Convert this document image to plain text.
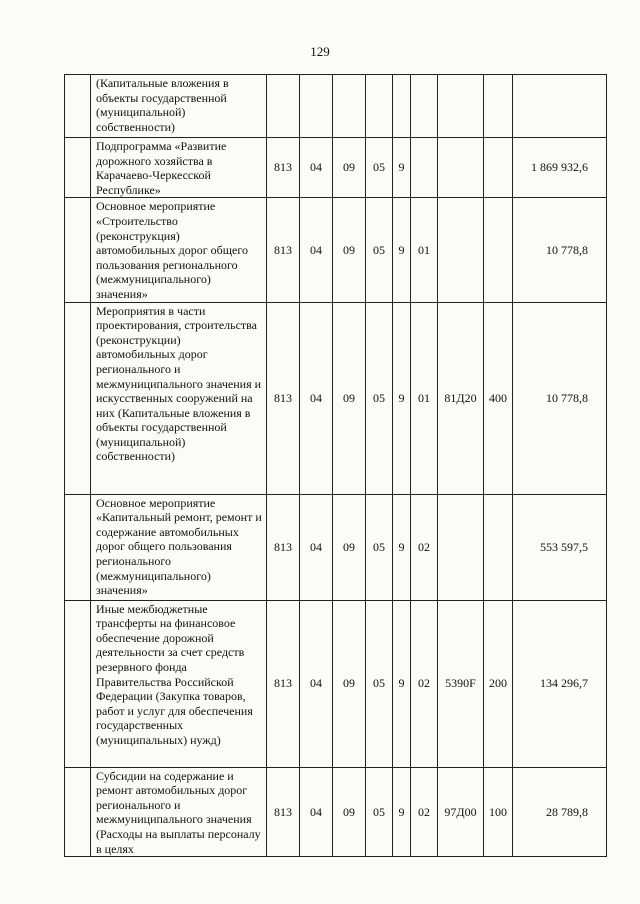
129
	(Капитальные вложения в объекты государственной (муниципальной) собственности)									
	Подпрограмма «Развитие дорожного хозяйства в Карачаево-Черкесской Республике»	813	04	09	05	9				1 869 932,6
	Основное мероприятие «Строительство (реконструкция) автомобильных дорог общего пользования регионального (межмуниципального) значения»	813	04	09	05	9	01			10 778,8
	Мероприятия в части проектирования, строительства (реконструкции) автомобильных дорог регионального и межмуниципального значения и искусственных сооружений на них (Капитальные вложения в объекты государственной (муниципальной) собственности)	813	04	09	05	9	01	81Д20	400	10 778,8
	Основное мероприятие «Капитальный ремонт, ремонт и содержание автомобильных дорог общего пользования регионального (межмуниципального) значения»	813	04	09	05	9	02			553 597,5
	Иные межбюджетные трансферты на финансовое обеспечение дорожной деятельности за счет средств резервного фонда Правительства Российской Федерации (Закупка товаров, работ и услуг для обеспечения государственных (муниципальных) нужд)	813	04	09	05	9	02	5390F	200	134 296,7
	Субсидии на содержание и ремонт автомобильных дорог регионального и межмуниципального значения (Расходы на выплаты персоналу в целях	813	04	09	05	9	02	97Д00	100	28 789,8
